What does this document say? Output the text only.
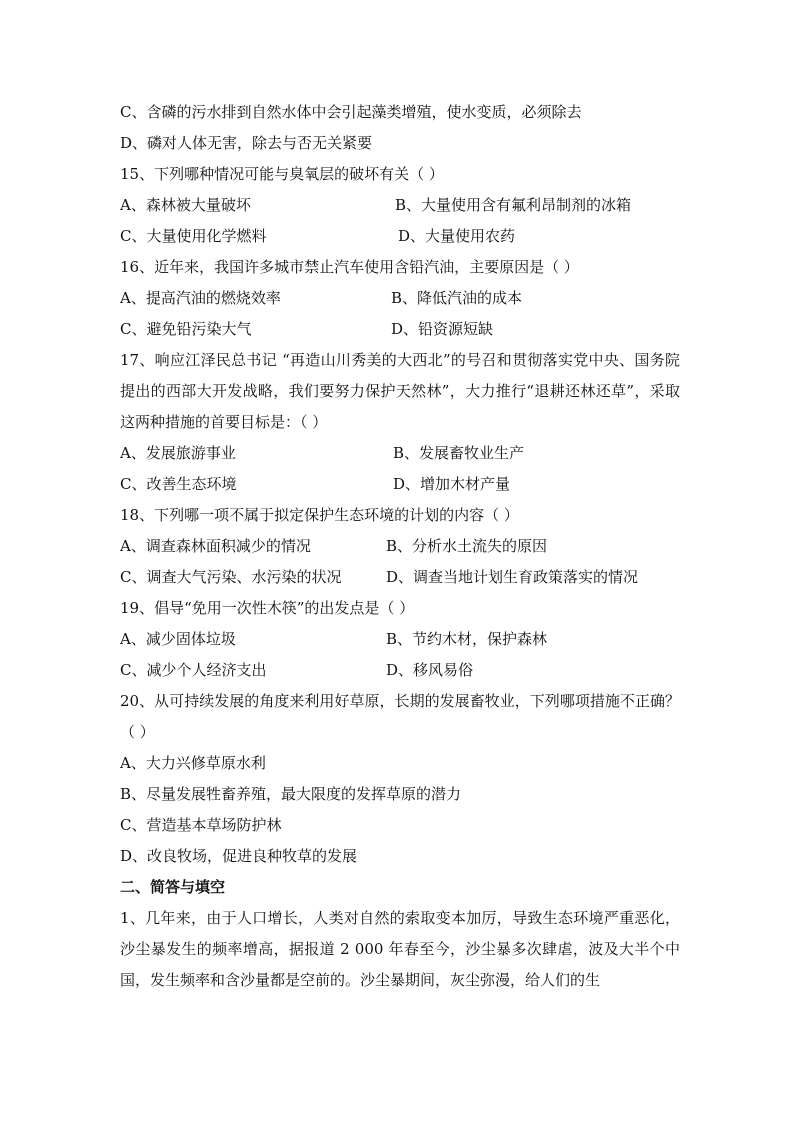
C、含磷的污水排到自然水体中会引起藻类增殖，使水变质，必须除去
D、磷对人体无害，除去与否无关紧要
15、下列哪种情况可能与臭氧层的破坏有关（ ）
A、森林被大量破坏	B、大量使用含有氟利昂制剂的冰箱
C、大量使用化学燃料	D、大量使用农药
16、近年来，我国许多城市禁止汽车使用含铅汽油，主要原因是（ ）
A、提高汽油的燃烧效率	B、降低汽油的成本
C、避免铅污染大气	D、铅资源短缺
17、响应江泽民总书记 “再造山川秀美的大西北”的号召和贯彻落实党中央、国务院提出的西部大开发战略，我们要努力保护天然林”，大力推行“退耕还林还草”，采取这两种措施的首要目标是：（ ）
A、发展旅游事业	B、发展畜牧业生产
C、改善生态环境	D、增加木材产量
18、下列哪一项不属于拟定保护生态环境的计划的内容（ ）
A、调查森林面积减少的情况	B、分析水土流失的原因
C、调查大气污染、水污染的状况	D、调查当地计划生育政策落实的情况
19、倡导“免用一次性木筷”的出发点是（ ）
A、减少固体垃圾	B、节约木材，保护森林
C、减少个人经济支出	D、移风易俗
20、从可持续发展的角度来利用好草原，长期的发展畜牧业，下列哪项措施不正确？（ ）
A、大力兴修草原水利
B、尽量发展牲畜养殖，最大限度的发挥草原的潜力
C、营造基本草场防护林
D、改良牧场，促进良种牧草的发展
二、简答与填空
1、几年来，由于人口增长，人类对自然的索取变本加厉，导致生态环境严重恶化，沙尘暴发生的频率增高，据报道 2 000 年春至今，沙尘暴多次肆虐，波及大半个中国，发生频率和含沙量都是空前的。沙尘暴期间，灰尘弥漫，给人们的生
